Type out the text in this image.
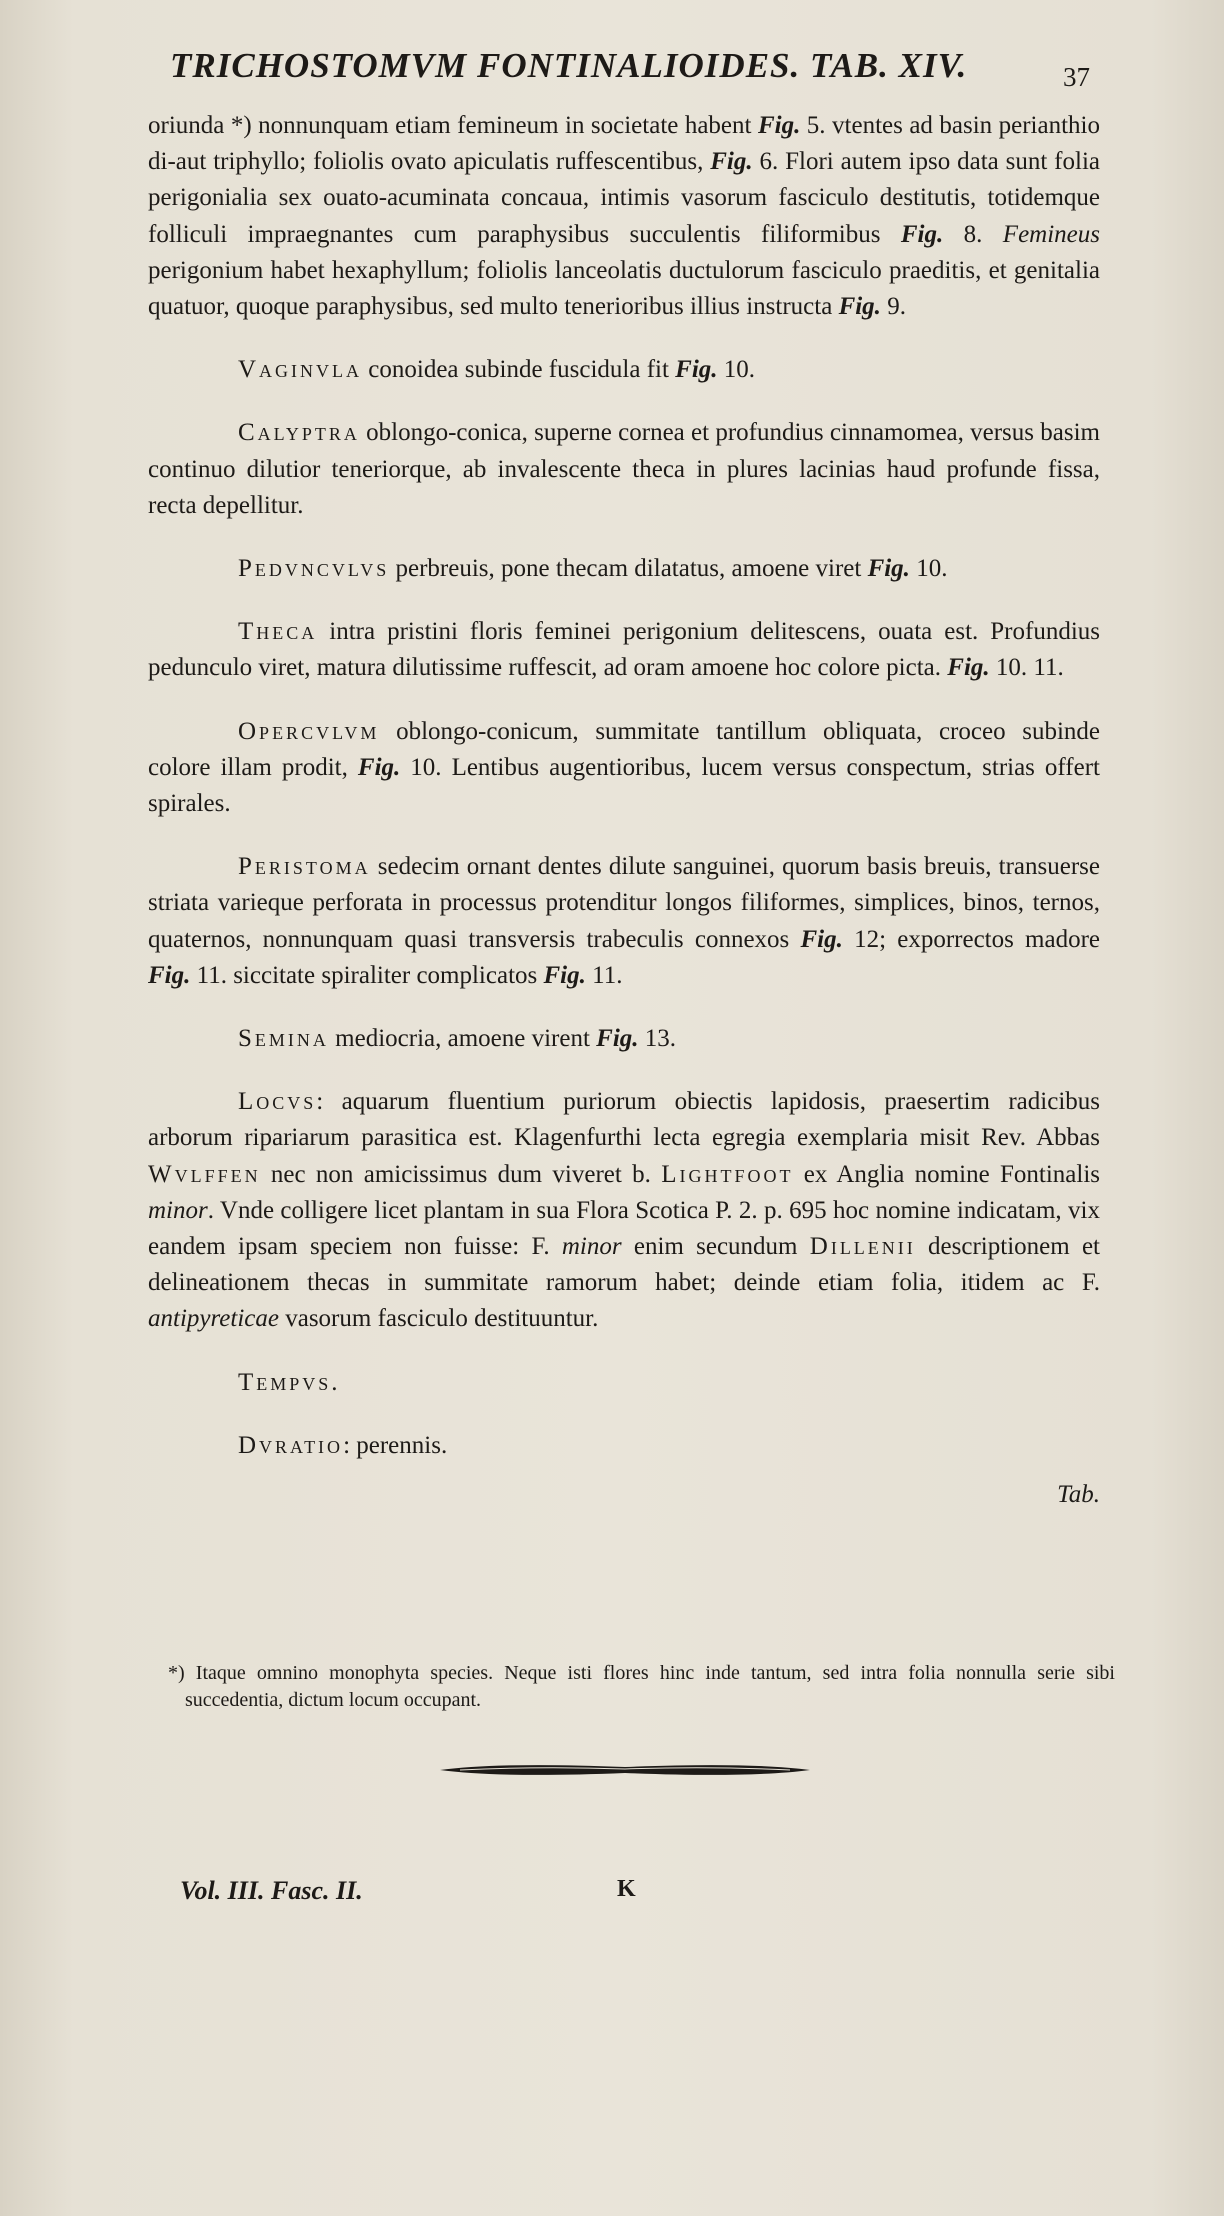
TRICHOSTOMVM FONTINALIOIDES. TAB. XIV.	37

oriunda *) nonnunquam etiam femineum in societate habent Fig. 5. vtentes ad basin perianthio di-aut triphyllo; foliolis ovato apiculatis ruffescentibus, Fig. 6. Flori autem ipso data sunt folia perigonialia sex ouato-acuminata concaua, intimis vasorum fasciculo destitutis, totidemque folliculi impraegnantes cum paraphysibus succulentis filiformibus Fig. 8. Femineus perigonium habet hexaphyllum; foliolis lanceolatis ductulorum fasciculo praeditis, et genitalia quatuor, quoque paraphysibus, sed multo tenerioribus illius instructa Fig. 9.

Vaginvla conoidea subinde fuscidula fit Fig. 10.

Calyptra oblongo-conica, superne cornea et profundius cinnamomea, versus basim continuo dilutior teneriorque, ab invalescente theca in plures lacinias haud profunde fissa, recta depellitur.

Pedvncvlvs perbreuis, pone thecam dilatatus, amoene viret Fig. 10.

Theca intra pristini floris feminei perigonium delitescens, ouata est. Profundius pedunculo viret, matura dilutissime ruffescit, ad oram amoene hoc colore picta. Fig. 10. 11.

Opercvlvm oblongo-conicum, summitate tantillum obliquata, croceo subinde colore illam prodit, Fig. 10. Lentibus augentioribus, lucem versus conspectum, strias offert spirales.

Peristoma sedecim ornant dentes dilute sanguinei, quorum basis breuis, transuerse striata varieque perforata in processus protenditur longos filiformes, simplices, binos, ternos, quaternos, nonnunquam quasi transversis trabeculis connexos Fig. 12; exporrectos madore Fig. 11. siccitate spiraliter complicatos Fig. 11.

Semina mediocria, amoene virent Fig. 13.

Locvs: aquarum fluentium puriorum obiectis lapidosis, praesertim radicibus arborum ripariarum parasitica est. Klagenfurthi lecta egregia exemplaria misit Rev. Abbas Wvlffen nec non amicissimus dum viveret b. Lightfoot ex Anglia nomine Fontinalis minor. Vnde colligere licet plantam in sua Flora Scotica P. 2. p. 695 hoc nomine indicatam, vix eandem ipsam speciem non fuisse: F. minor enim secundum Dillenii descriptionem et delineationem thecas in summitate ramorum habet; deinde etiam folia, itidem ac F. antipyreticae vasorum fasciculo destituuntur.

Tempvs.

Dvratio: perennis.

Tab.

*) Itaque omnino monophyta species. Neque isti flores hinc inde tantum, sed intra folia nonnulla serie sibi succedentia, dictum locum occupant.
Vol. III. Fasc. II.	K
